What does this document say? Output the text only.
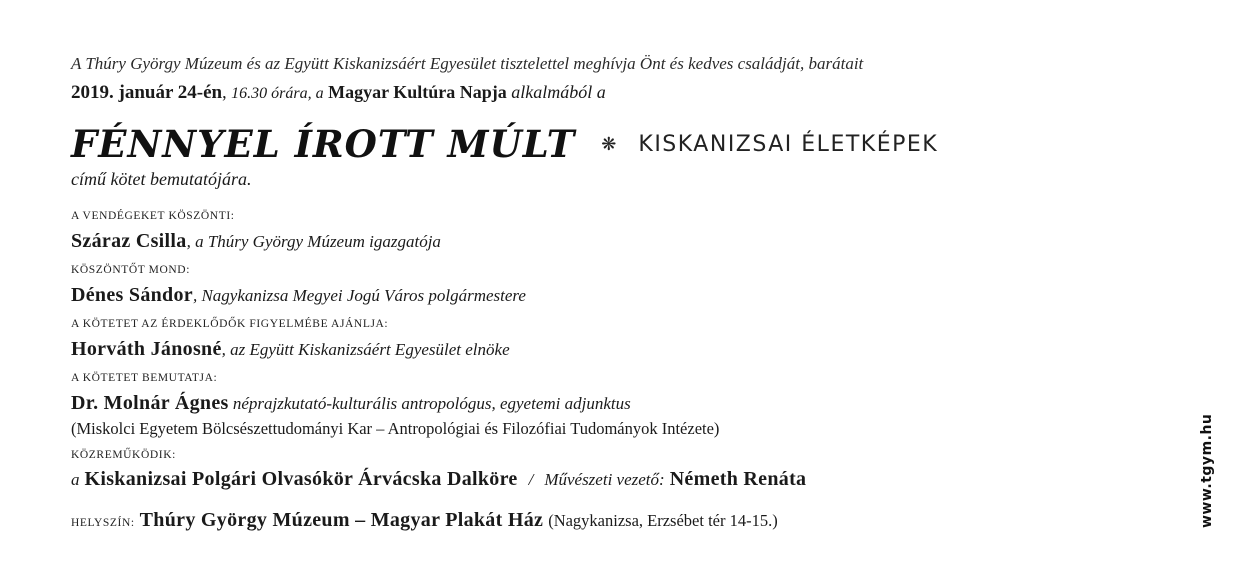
A Thúry György Múzeum és az Együtt Kiskanizsáért Egyesület tisztelettel meghívja Önt és kedves családját, barátait
2019. január 24-én, 16.30 órára, a Magyar Kultúra Napja alkalmából a
FÉNNYEL ÍROTT MÚLT ❋ KISKANIZSAI ÉLETKÉPEK
című kötet bemutatójára.
A VENDÉGEKET KÖSZÖNTI:
Száraz Csilla, a Thúry György Múzeum igazgatója
KÖSZÖNTŐT MOND:
Dénes Sándor, Nagykanizsa Megyei Jogú Város polgármestere
A KÖTETET AZ ÉRDEKLŐDŐK FIGYELMÉBE AJÁNLJA:
Horváth Jánosné, az Együtt Kiskanizsáért Egyesület elnöke
A KÖTETET BEMUTATJA:
Dr. Molnár Ágnes néprajzkutató-kulturális antropológus, egyetemi adjunktus
(Miskolci Egyetem Bölcsészettudományi Kar – Antropológiai és Filozófiai Tudományok Intézete)
KÖZREMŰKÖDIK:
a Kiskanizsai Polgári Olvasókör Árvácska Dalköre / Művészeti vezető: Németh Renáta
HELYSZÍN: Thúry György Múzeum – Magyar Plakát Ház (Nagykanizsa, Erzsébet tér 14-15.)	www.tgym.hu
